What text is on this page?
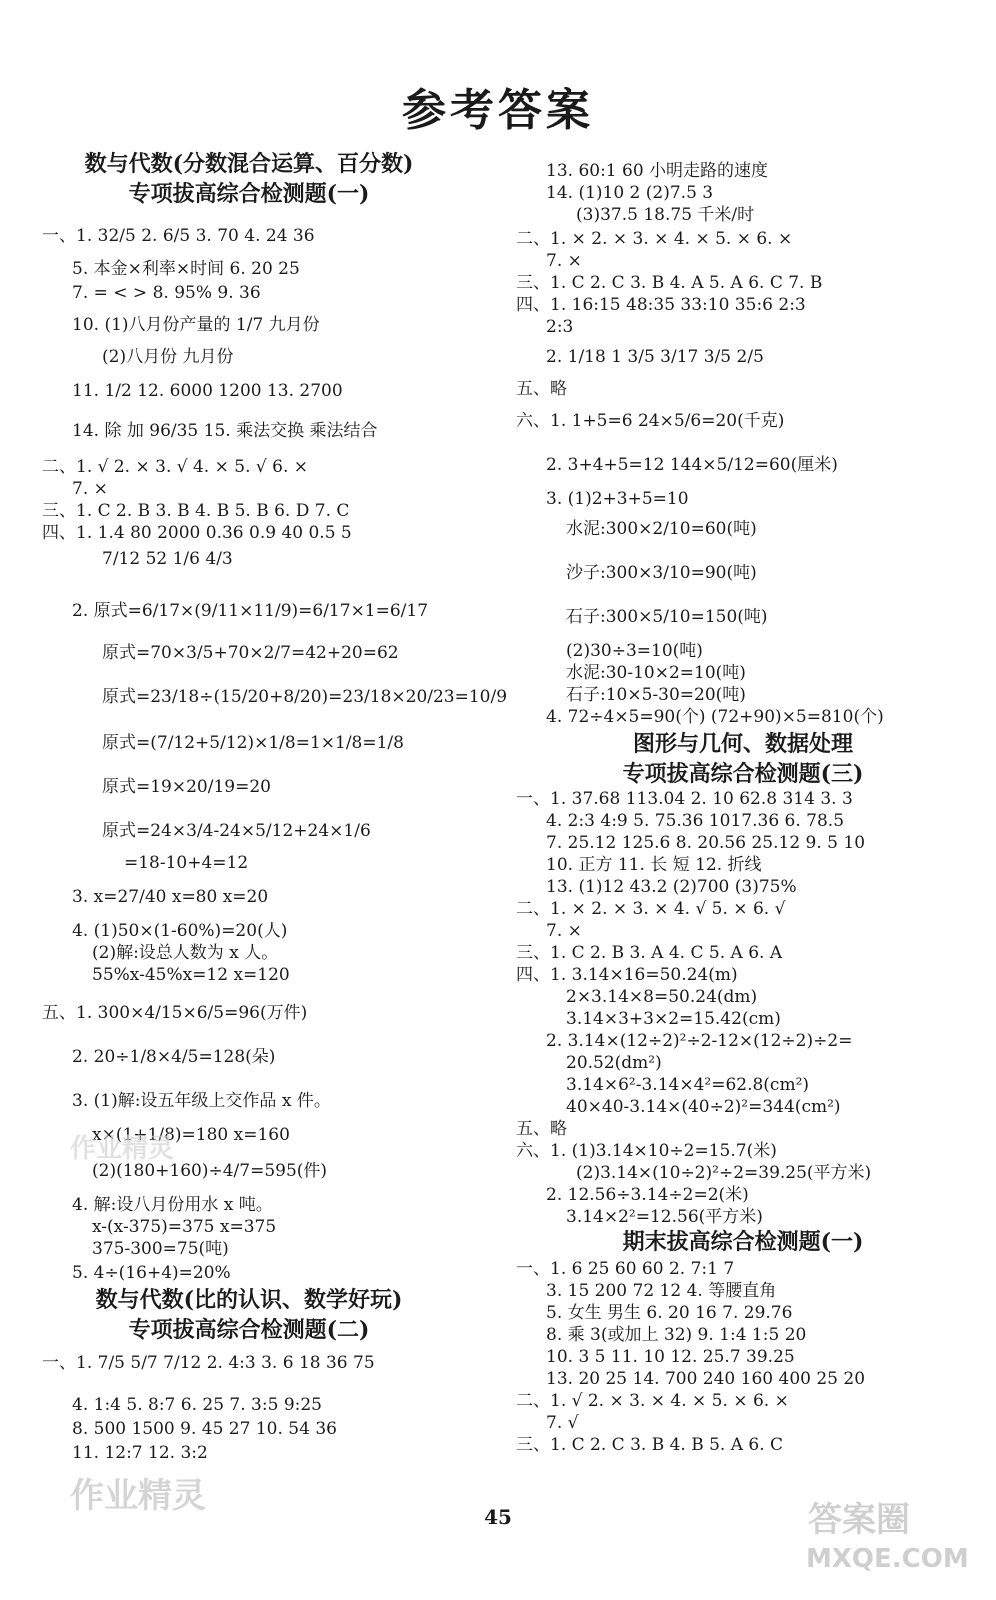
参考答案
数与代数(分数混合运算、百分数)
专项拔高综合检测题(一)
一、1. 32/5 2. 6/5 3. 70 4. 24 36
5. 本金×利率×时间 6. 20 25
7. = < > 8. 95% 9. 36
10. (1)八月份产量的 1/7 九月份
(2)八月份 九月份
11. 1/2 12. 6000 1200 13. 2700
14. 除 加 96/35 15. 乘法交换 乘法结合
二、1. √ 2. × 3. √ 4. × 5. √ 6. ×
7. ×
三、1. C 2. B 3. B 4. B 5. B 6. D 7. C
四、1. 1.4 80 2000 0.36 0.9 40 0.5 5
7/12 52 1/6 4/3
2. 原式=6/17×(9/11×11/9)=6/17×1=6/17
原式=70×3/5+70×2/7=42+20=62
原式=23/18÷(15/20+8/20)=23/18×20/23=10/9
原式=(7/12+5/12)×1/8=1×1/8=1/8
原式=19×20/19=20
原式=24×3/4-24×5/12+24×1/6
=18-10+4=12
3. x=27/40 x=80 x=20
4. (1)50×(1-60%)=20(人)
(2)解:设总人数为 x 人。
55%x-45%x=12 x=120
五、1. 300×4/15×6/5=96(万件)
2. 20÷1/8×4/5=128(朵)
3. (1)解:设五年级上交作品 x 件。
x×(1+1/8)=180 x=160
(2)(180+160)÷4/7=595(件)
4. 解:设八月份用水 x 吨。
x-(x-375)=375 x=375
375-300=75(吨)
5. 4÷(16+4)=20%
数与代数(比的认识、数学好玩)
专项拔高综合检测题(二)
一、1. 7/5 5/7 7/12 2. 4:3 3. 6 18 36 75
4. 1:4 5. 8:7 6. 25 7. 3:5 9:25
8. 500 1500 9. 45 27 10. 54 36
11. 12:7 12. 3:2
13. 60:1 60 小明走路的速度
14. (1)10 2 (2)7.5 3
(3)37.5 18.75 千米/时
二、1. × 2. × 3. × 4. × 5. × 6. ×
7. ×
三、1. C 2. C 3. B 4. A 5. A 6. C 7. B
四、1. 16:15 48:35 33:10 35:6 2:3
2:3
2. 1/18 1 3/5 3/17 3/5 2/5
五、略
六、1. 1+5=6 24×5/6=20(千克)
2. 3+4+5=12 144×5/12=60(厘米)
3. (1)2+3+5=10
水泥:300×2/10=60(吨)
沙子:300×3/10=90(吨)
石子:300×5/10=150(吨)
(2)30÷3=10(吨)
水泥:30-10×2=10(吨)
石子:10×5-30=20(吨)
4. 72÷4×5=90(个) (72+90)×5=810(个)
图形与几何、数据处理
专项拔高综合检测题(三)
一、1. 37.68 113.04 2. 10 62.8 314 3. 3
4. 2:3 4:9 5. 75.36 1017.36 6. 78.5
7. 25.12 125.6 8. 20.56 25.12 9. 5 10
10. 正方 11. 长 短 12. 折线
13. (1)12 43.2 (2)700 (3)75%
二、1. × 2. × 3. × 4. √ 5. × 6. √
7. ×
三、1. C 2. B 3. A 4. C 5. A 6. A
四、1. 3.14×16=50.24(m)
2×3.14×8=50.24(dm)
3.14×3+3×2=15.42(cm)
2. 3.14×(12÷2)²÷2-12×(12÷2)÷2=
20.52(dm²)
3.14×6²-3.14×4²=62.8(cm²)
40×40-3.14×(40÷2)²=344(cm²)
五、略
六、1. (1)3.14×10÷2=15.7(米)
(2)3.14×(10÷2)²÷2=39.25(平方米)
2. 12.56÷3.14÷2=2(米)
3.14×2²=12.56(平方米)
期末拔高综合检测题(一)
一、1. 6 25 60 60 2. 7:1 7
3. 15 200 72 12 4. 等腰直角
5. 女生 男生 6. 20 16 7. 29.76
8. 乘 3(或加上 32) 9. 1:4 1:5 20
10. 3 5 11. 10 12. 25.7 39.25
13. 20 25 14. 700 240 160 400 25 20
二、1. √ 2. × 3. × 4. × 5. × 6. ×
7. √
三、1. C 2. C 3. B 4. B 5. A 6. C
作业精灵
作业精灵
答案圈
MXQE.COM
45
